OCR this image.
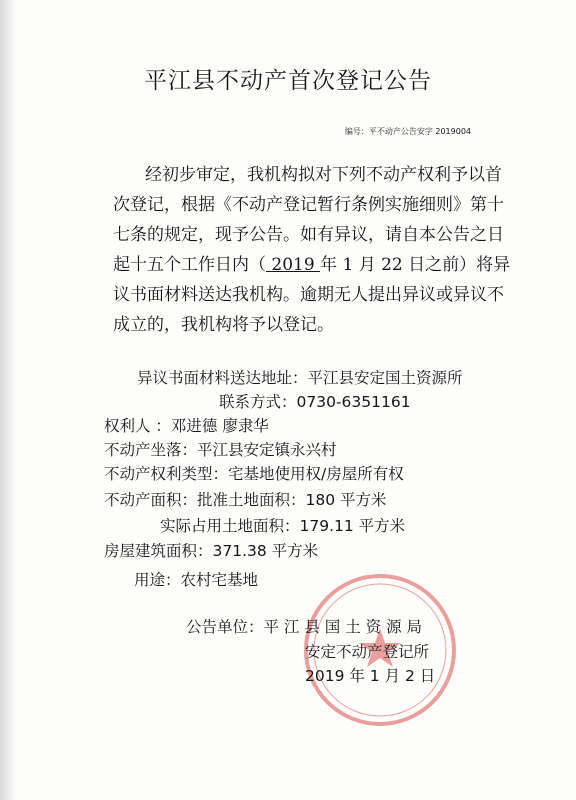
平江县不动产首次登记公告
编号：平不动产公告安字 2019004
经初步审定，我机构拟对下列不动产权利予以首
次登记，根据《不动产登记暂行条例实施细则》第十
七条的规定，现予公告。如有异议，请自本公告之日
起十五个工作日内（ 2019 年 1 月 22 日之前）将异
议书面材料送达我机构。逾期无人提出异议或异议不
成立的，我机构将予以登记。
异议书面材料送达地址：平江县安定国土资源所
联系方式：0730-6351161
权利人 ：邓进德 廖隶华
不动产坐落：平江县安定镇永兴村
不动产权利类型：宅基地使用权/房屋所有权
不动产面积：批准土地面积：180 平方米
实际占用土地面积：179.11 平方米
房屋建筑面积：371.38 平方米
用途：农村宅基地
公告单位：平 江 县 国 土 资 源 局
安定不动产登记所
2019 年 1 月 2 日
